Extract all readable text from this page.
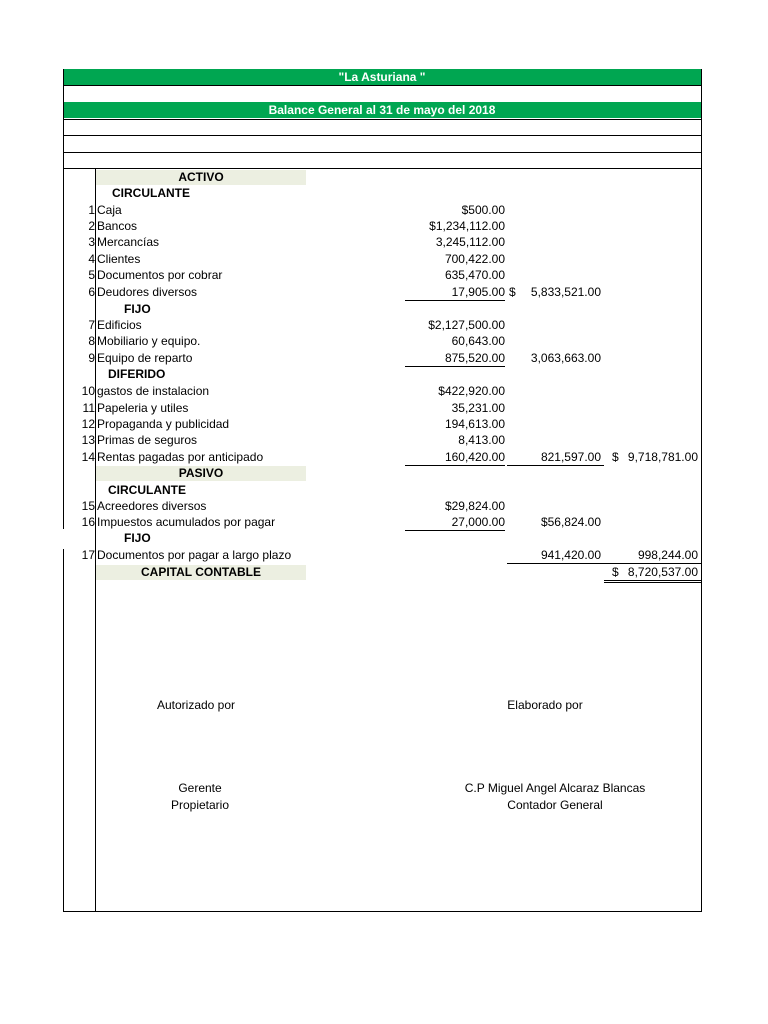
"La Asturiana "
Balance General al 31 de mayo del 2018
ACTIVO
CIRCULANTE
1 Caja	$500.00
2 Bancos	$1,234,112.00
3 Mercancías	3,245,112.00
4 Clientes	700,422.00
5 Documentos por cobrar	635,470.00
6 Deudores diversos	17,905.00 $	5,833,521.00
FIJO
7 Edificios	$2,127,500.00
8 Mobiliario y equipo.	60,643.00
9 Equipo de reparto	875,520.00	3,063,663.00
DIFERIDO
10 gastos de instalacion	$422,920.00
11 Papeleria y utiles	35,231.00
12 Propaganda y publicidad	194,613.00
13 Primas de seguros	8,413.00
14 Rentas pagadas por anticipado	160,420.00	821,597.00 $ 9,718,781.00
PASIVO
CIRCULANTE
15 Acreedores diversos	$29,824.00
16 Impuestos acumulados por pagar	27,000.00	$56,824.00
FIJO
17 Documentos por pagar a largo plazo	941,420.00	998,244.00
CAPITAL CONTABLE	$ 8,720,537.00
Autorizado por	Elaborado por
Gerente
Propietario
C.P Miguel Angel Alcaraz Blancas
Contador General
